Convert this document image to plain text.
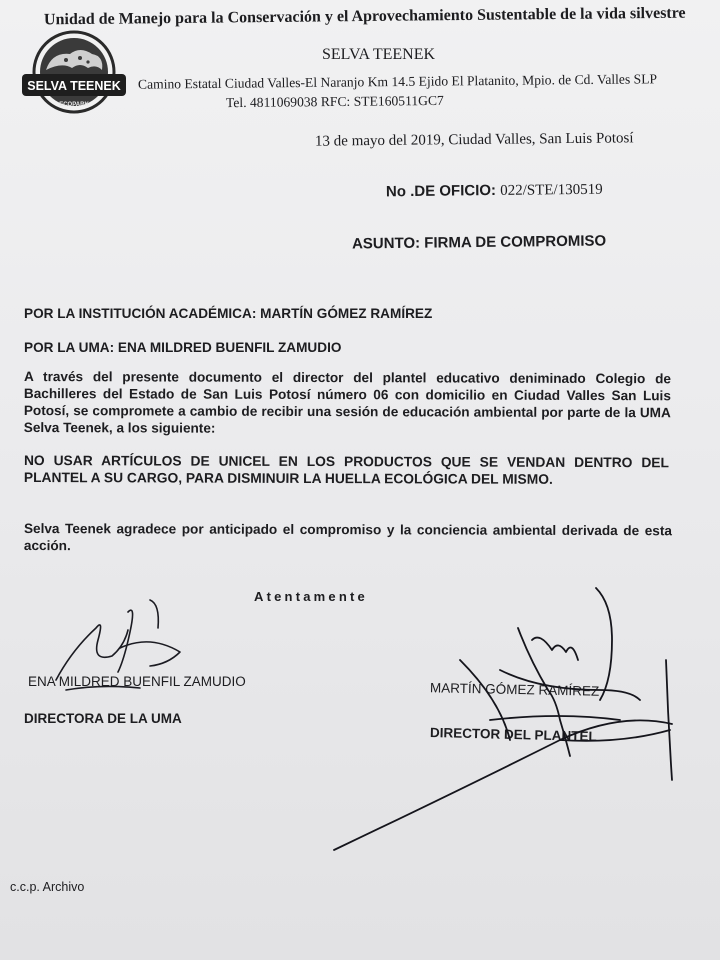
SELVA TEENEK
ECOPARK
Unidad de Manejo para la Conservación y el Aprovechamiento Sustentable de la vida silvestre
SELVA TEENEK
Camino Estatal Ciudad Valles-El Naranjo Km 14.5 Ejido El Platanito, Mpio. de Cd. Valles SLP
Tel. 4811069038 RFC: STE160511GC7
13 de mayo del 2019, Ciudad Valles, San Luis Potosí
No .DE OFICIO: 022/STE/130519
ASUNTO: FIRMA DE COMPROMISO
POR LA INSTITUCIÓN ACADÉMICA: MARTÍN GÓMEZ RAMÍREZ
POR LA UMA: ENA MILDRED BUENFIL ZAMUDIO
A través del presente documento el director del plantel educativo deniminado Colegio de Bachilleres del Estado de San Luis Potosí número 06 con domicilio en Ciudad Valles San Luis Potosí, se compromete a cambio de recibir una sesión de educación ambiental por parte de la UMA Selva Teenek, a los siguiente:
NO USAR ARTÍCULOS DE UNICEL EN LOS PRODUCTOS QUE SE VENDAN DENTRO DEL PLANTEL A SU CARGO, PARA DISMINUIR LA HUELLA ECOLÓGICA DEL MISMO.
Selva Teenek agradece por anticipado el compromiso y la conciencia ambiental derivada de esta acción.
Atentamente
ENA MILDRED BUENFIL ZAMUDIO
DIRECTORA DE LA UMA
MARTÍN GÓMEZ RAMÍREZ
DIRECTOR DEL PLANTEL
c.c.p. Archivo
